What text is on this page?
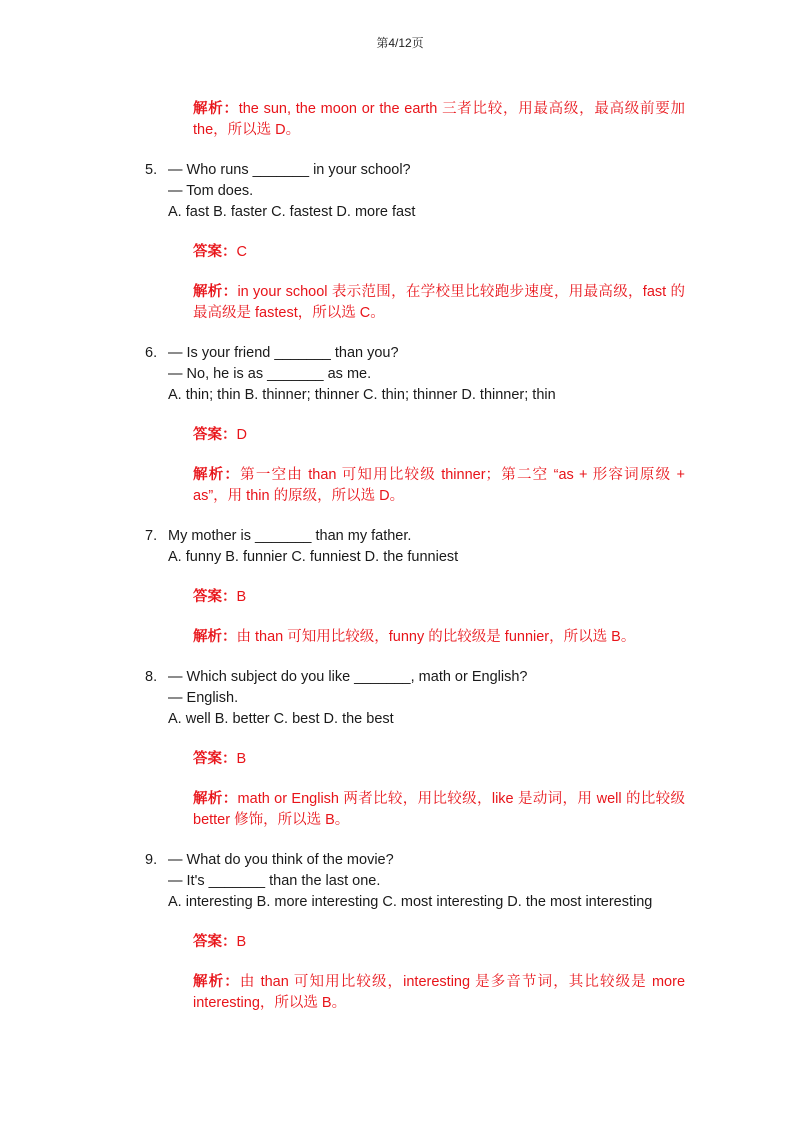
第4/12页
解析：the sun, the moon or the earth 三者比较，用最高级，最高级前要加 the，所以选 D。
5. — Who runs _______ in your school?
— Tom does.
A. fast B. faster C. fastest D. more fast
答案：C
解析：in your school 表示范围，在学校里比较跑步速度，用最高级，fast 的最高级是 fastest，所以选 C。
6. — Is your friend _______ than you?
— No, he is as _______ as me.
A. thin; thin B. thinner; thinner C. thin; thinner D. thinner; thin
答案：D
解析：第一空由 than 可知用比较级 thinner；第二空 “as + 形容词原级 + as”，用 thin 的原级，所以选 D。
7. My mother is _______ than my father.
A. funny B. funnier C. funniest D. the funniest
答案：B
解析：由 than 可知用比较级，funny 的比较级是 funnier，所以选 B。
8. — Which subject do you like _______, math or English?
— English.
A. well B. better C. best D. the best
答案：B
解析：math or English 两者比较，用比较级，like 是动词，用 well 的比较级 better 修饰，所以选 B。
9. — What do you think of the movie?
— It's _______ than the last one.
A. interesting B. more interesting C. most interesting D. the most interesting
答案：B
解析：由 than 可知用比较级，interesting 是多音节词，其比较级是 more interesting，所以选 B。
